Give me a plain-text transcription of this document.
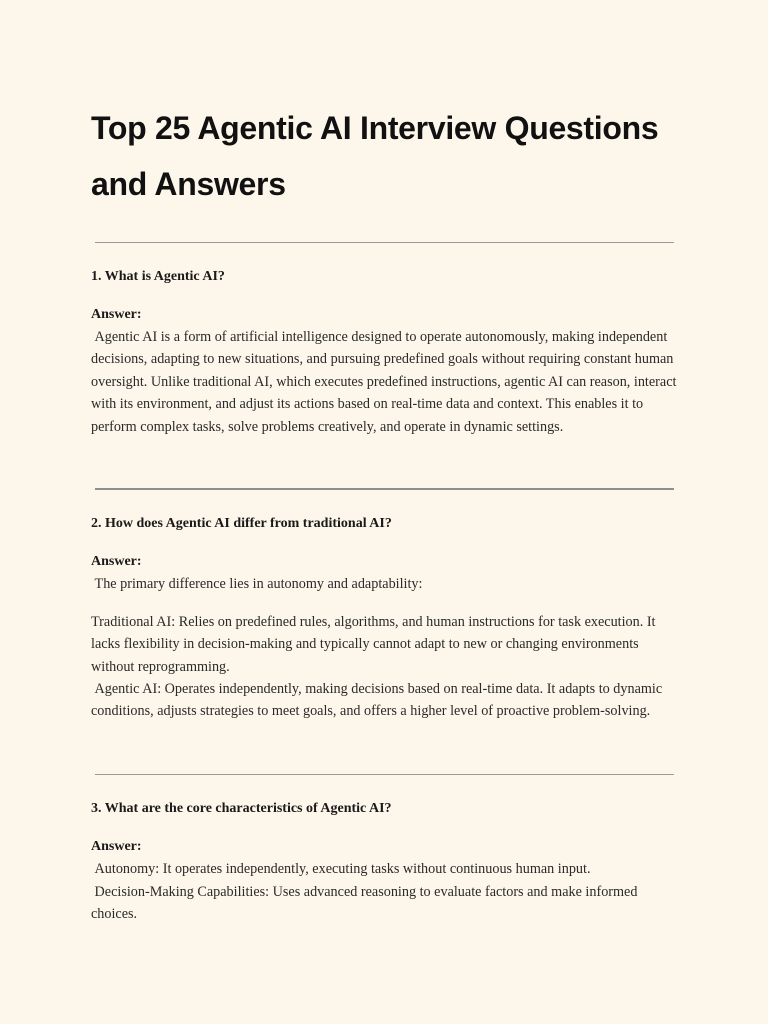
Top 25 Agentic AI Interview Questions and Answers

1. What is Agentic AI?

Answer:

Agentic AI is a form of artificial intelligence designed to operate autonomously, making independent decisions, adapting to new situations, and pursuing predefined goals without requiring constant human oversight. Unlike traditional AI, which executes predefined instructions, agentic AI can reason, interact with its environment, and adjust its actions based on real-time data and context. This enables it to perform complex tasks, solve problems creatively, and operate in dynamic settings.

2. How does Agentic AI differ from traditional AI?

Answer:

The primary difference lies in autonomy and adaptability:

Traditional AI: Relies on predefined rules, algorithms, and human instructions for task execution. It lacks flexibility in decision-making and typically cannot adapt to new or changing environments without reprogramming.

Agentic AI: Operates independently, making decisions based on real-time data. It adapts to dynamic conditions, adjusts strategies to meet goals, and offers a higher level of proactive problem-solving.

3. What are the core characteristics of Agentic AI?

Answer:

Autonomy: It operates independently, executing tasks without continuous human input.

Decision-Making Capabilities: Uses advanced reasoning to evaluate factors and make informed choices.
